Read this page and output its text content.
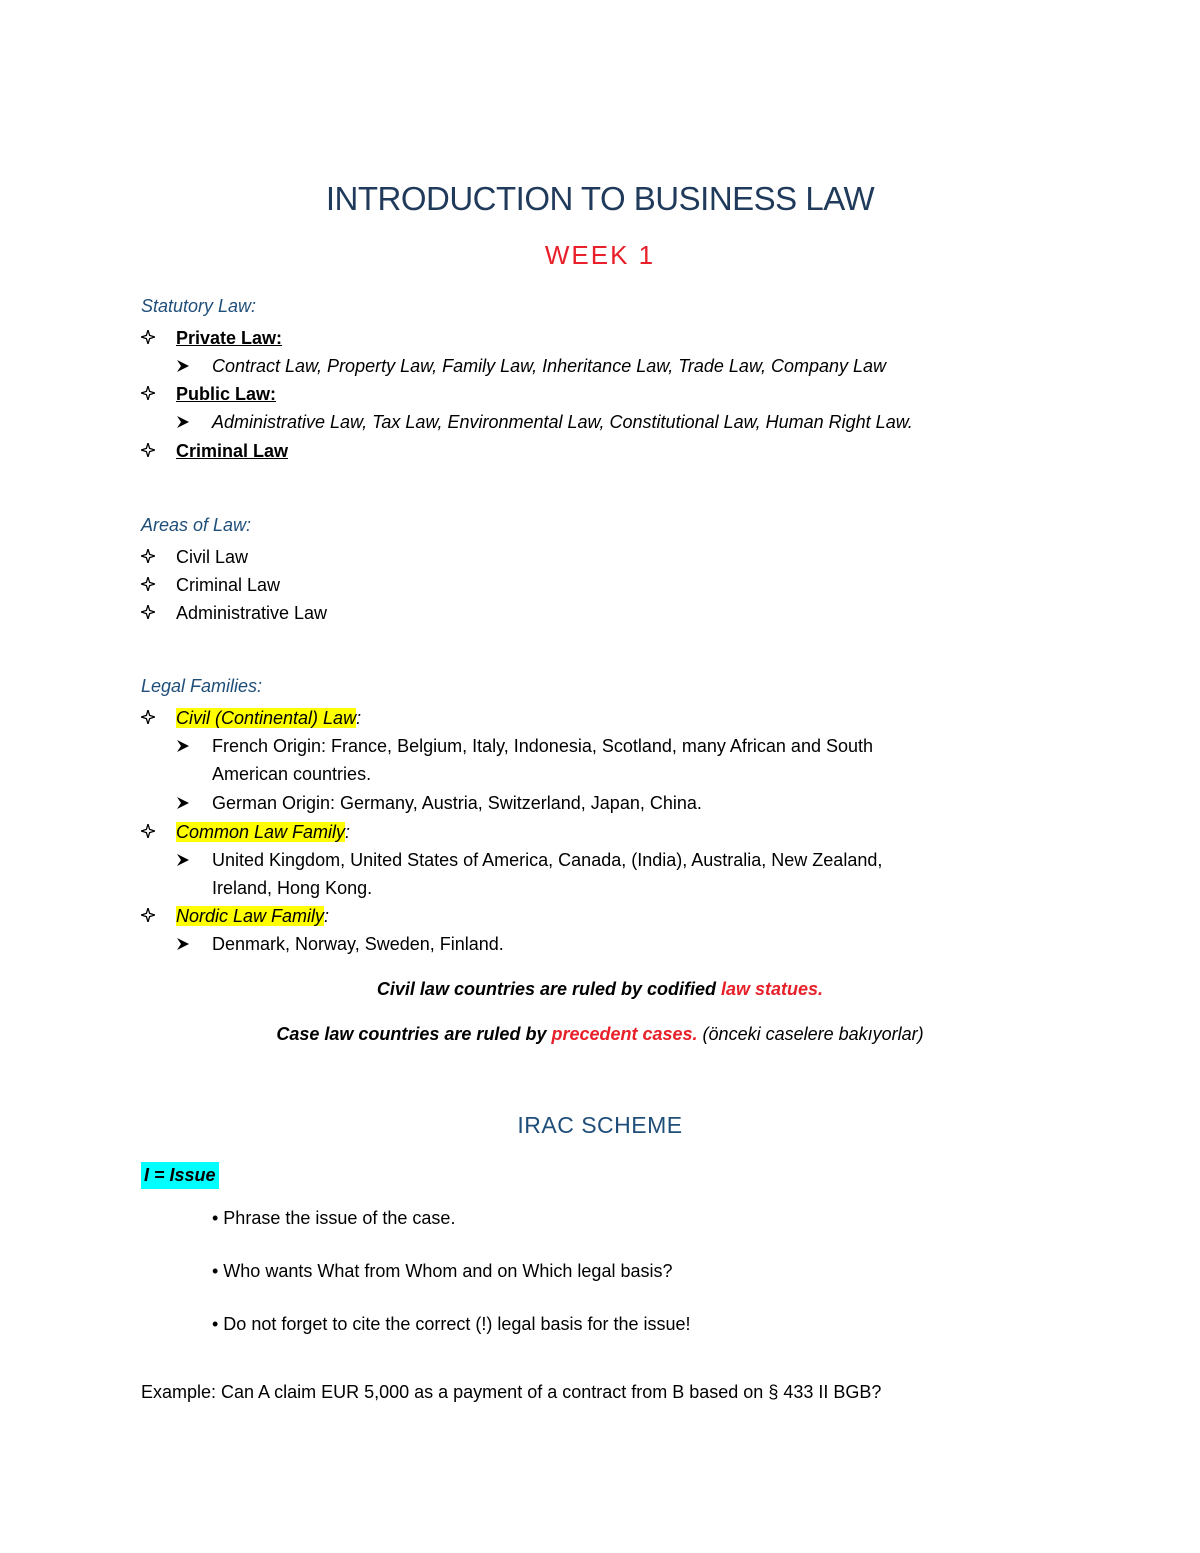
INTRODUCTION TO BUSINESS LAW
WEEK 1
Statutory Law:
Private Law:
Contract Law, Property Law, Family Law, Inheritance Law, Trade Law, Company Law
Public Law:
Administrative Law, Tax Law, Environmental Law, Constitutional Law, Human Right Law.
Criminal Law
Areas of Law:
Civil Law
Criminal Law
Administrative Law
Legal Families:
Civil (Continental) Law:
French Origin: France, Belgium, Italy, Indonesia, Scotland, many African and South
American countries.
German Origin: Germany, Austria, Switzerland, Japan, China.
Common Law Family:
United Kingdom, United States of America, Canada, (India), Australia, New Zealand,
Ireland, Hong Kong.
Nordic Law Family:
Denmark, Norway, Sweden, Finland.
Civil law countries are ruled by codified law statues.
Case law countries are ruled by precedent cases. (önceki caselere bakıyorlar)
IRAC SCHEME
I = Issue
• Phrase the issue of the case.
• Who wants What from Whom and on Which legal basis?
• Do not forget to cite the correct (!) legal basis for the issue!
Example: Can A claim EUR 5,000 as a payment of a contract from B based on § 433 II BGB?
